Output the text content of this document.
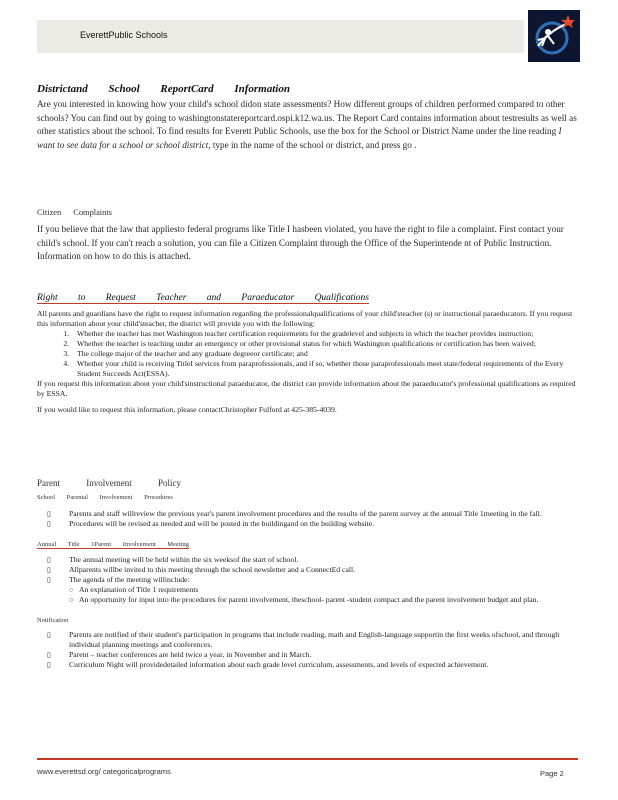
EverettPublic Schools
Districtand School ReportCard Information

Are you interested in knowing how your child's school didon state assessments? How different groups of children performed compared to other schools? You can find out by going to washingtonstatereportcard.ospi.k12.wa.us. The Report Card contains information about testresults as well as other statistics about the school. To find results for Everett Public Schools, use the box for the School or District Name under the line reading I want to see data for a school or school district, type in the name of the school or district, and press go .

Citizen Complaints

If you believe that the law that appliesto federal programs like Title I hasbeen violated, you have the right to file a complaint. First contact your child's school. If you can't reach a solution, you can file a Citizen Complaint through the Office of the Superintende nt of Public Instruction. Information on how to do this is attached.

Right to Request Teacher and Paraeducator Qualifications

All parents and guardians have the right to request information regarding the professionalqualifications of your child'steacher (s) or instructional paraeducators. If you request this information about your child'steacher, the district will provide you with the following:

1. Whether the teacher has met Washington teacher certification requirements for the gradelevel and subjects in which the teacher provides instruction;
2. Whether the teacher is teaching under an emergency or other provisional status for which Washington qualifications or certification has been waived;
3. The college major of the teacher and any graduate degreeor certificate; and
4. Whether your child is receiving TitleI services from paraprofessionals, and if so, whether those paraprofessionals meet state/federal requirements of the Every Student Succeeds Act(ESSA).

If you request this information about your child'sinstructional paraeducator, the district can provide information about the paraeducator's professional qualifications as required by ESSA.

If you would like to request this information, please contactChristopher Fulford at 425-385-4039.

Parent Involvement Policy
School Parental Involvement Procedures
▯ Parents and staff willreview the previous year's parent involvement procedures and the results of the parent survey at the annual Title 1meeting in the fall.
▯ Procedures will be revised as needed and will be posted in the buildingand on the building website.
Annual Title 1Parent Involvement Meeting
▯ The annual meeting will be held within the six weeksof the start of school.
▯ Allparents willbe invited to this meeting through the school newsletter and a ConnectEd call.
▯ The agenda of the meeting willinclude:
○ An explanation of Title 1 requirements
○ An opportunity for input into the procedures for parent involvement, theschool- parent -student compact and the parent involvement budget and plan.
Notification
▯ Parents are notified of their student's participation in programs that include reading, math and English-language supportin the first weeks ofschool, and through individual planning meetings and conferences.
▯ Parent – teacher conferences are held twice a year, in November and in March.
▯ Curriculum Night will providedetailed information about each grade level curriculum, assessments, and levels of expected achievement.
www.everettsd.org/ categoricalprograms	Page 2
